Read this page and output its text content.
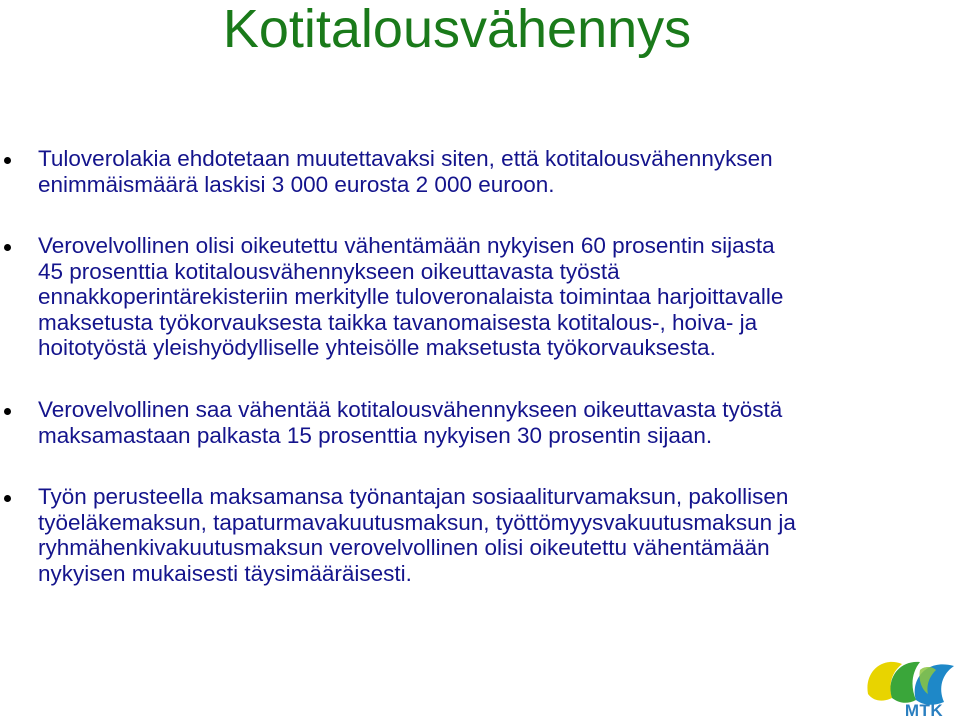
Kotitalousvähennys
Tuloverolakia ehdotetaan muutettavaksi siten, että kotitalousvähennyksen
enimmäismäärä laskisi 3 000 eurosta 2 000 euroon.
Verovelvollinen olisi oikeutettu vähentämään nykyisen 60 prosentin sijasta
45 prosenttia kotitalousvähennykseen oikeuttavasta työstä
ennakkoperintärekisteriin merkitylle tuloveronalaista toimintaa harjoittavalle
maksetusta työkorvauksesta taikka tavanomaisesta kotitalous-, hoiva- ja
hoitotyöstä yleishyödylliselle yhteisölle maksetusta työkorvauksesta.
Verovelvollinen saa vähentää kotitalousvähennykseen oikeuttavasta työstä
maksamastaan palkasta 15 prosenttia nykyisen 30 prosentin sijaan.
Työn perusteella maksamansa työnantajan sosiaaliturvamaksun, pakollisen
työeläkemaksun, tapaturmavakuutusmaksun, työttömyysvakuutusmaksun ja
ryhmähenkivakuutusmaksun verovelvollinen olisi oikeutettu vähentämään
nykyisen mukaisesti täysimääräisesti.
MTK
